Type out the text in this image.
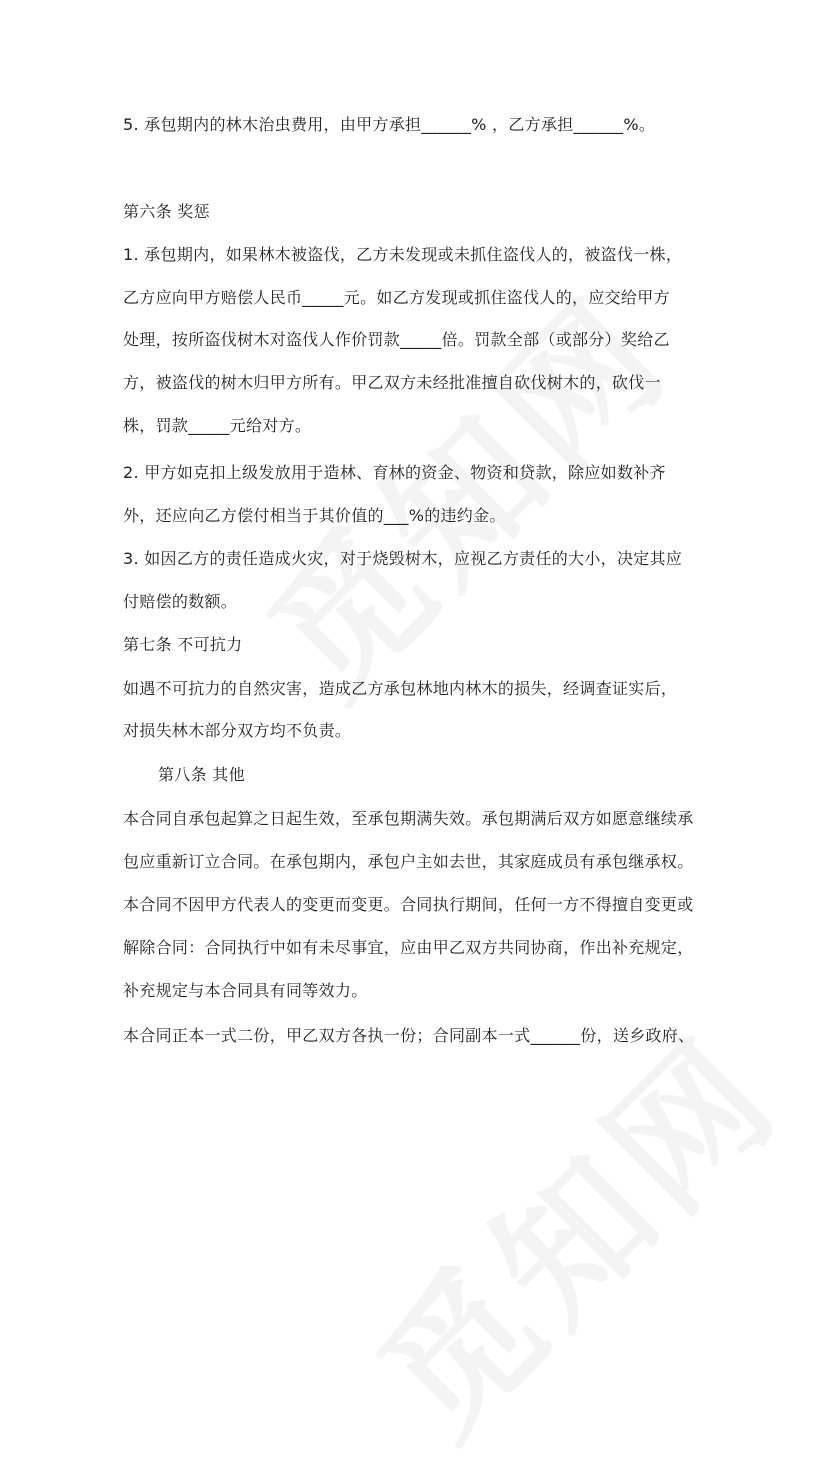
5. 承包期内的林木治虫费用，由甲方承担______% ，乙方承担______%。
第六条 奖惩
1. 承包期内，如果林木被盗伐，乙方未发现或未抓住盗伐人的，被盗伐一株，
乙方应向甲方赔偿人民币_____元。如乙方发现或抓住盗伐人的，应交给甲方
处理，按所盗伐树木对盗伐人作价罚款_____倍。罚款全部（或部分）奖给乙
方，被盗伐的树木归甲方所有。甲乙双方未经批准擅自砍伐树木的，砍伐一
株，罚款_____元给对方。
2. 甲方如克扣上级发放用于造林、育林的资金、物资和贷款，除应如数补齐
外，还应向乙方偿付相当于其价值的___%的违约金。
3. 如因乙方的责任造成火灾，对于烧毁树木，应视乙方责任的大小，决定其应
付赔偿的数额。
第七条 不可抗力
如遇不可抗力的自然灾害，造成乙方承包林地内林木的损失，经调查证实后，
对损失林木部分双方均不负责。
第八条 其他
本合同自承包起算之日起生效，至承包期满失效。承包期满后双方如愿意继续承
包应重新订立合同。在承包期内，承包户主如去世，其家庭成员有承包继承权。
本合同不因甲方代表人的变更而变更。合同执行期间，任何一方不得擅自变更或
解除合同：合同执行中如有未尽事宜，应由甲乙双方共同协商，作出补充规定，
补充规定与本合同具有同等效力。
本合同正本一式二份，甲乙双方各执一份；合同副本一式______份，送乡政府、
